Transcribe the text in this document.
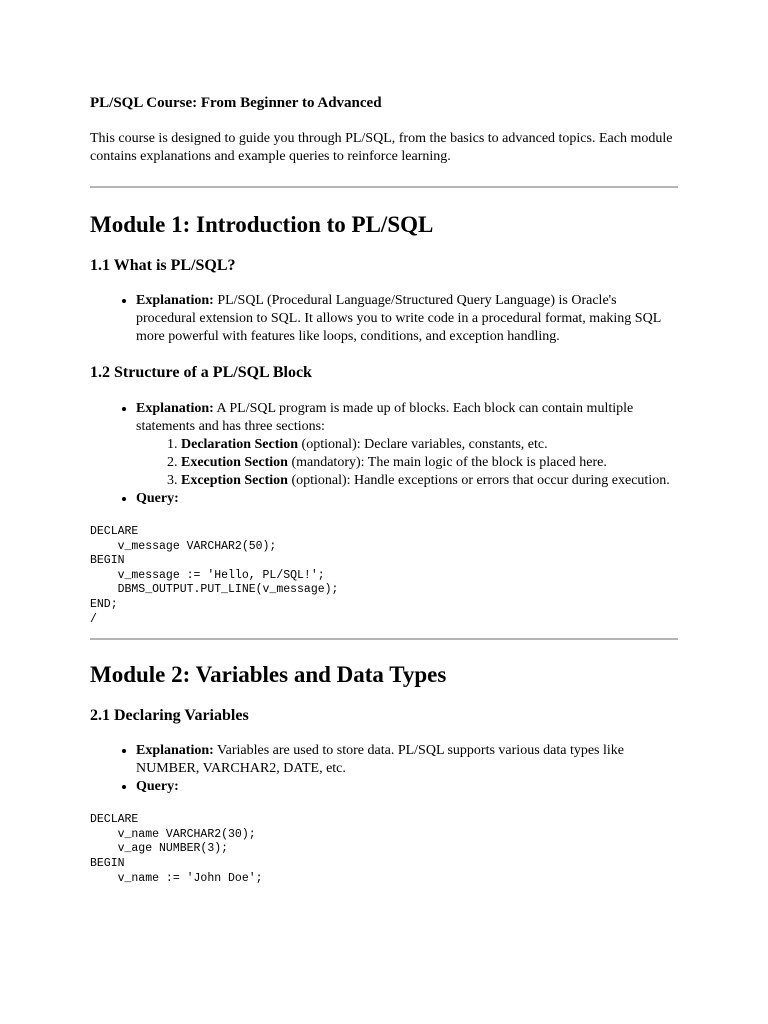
PL/SQL Course: From Beginner to Advanced

This course is designed to guide you through PL/SQL, from the basics to advanced topics. Each module contains explanations and example queries to reinforce learning.

Module 1: Introduction to PL/SQL
1.1 What is PL/SQL?
• Explanation: PL/SQL (Procedural Language/Structured Query Language) is Oracle's procedural extension to SQL. It allows you to write code in a procedural format, making SQL more powerful with features like loops, conditions, and exception handling.
1.2 Structure of a PL/SQL Block
• Explanation: A PL/SQL program is made up of blocks. Each block can contain multiple statements and has three sections:
1. Declaration Section (optional): Declare variables, constants, etc.
2. Execution Section (mandatory): The main logic of the block is placed here.
3. Exception Section (optional): Handle exceptions or errors that occur during execution.
• Query:
DECLARE
v_message VARCHAR2(50);
BEGIN
v_message := 'Hello, PL/SQL!';
DBMS_OUTPUT.PUT_LINE(v_message);
END;
/
Module 2: Variables and Data Types
2.1 Declaring Variables
• Explanation: Variables are used to store data. PL/SQL supports various data types like NUMBER, VARCHAR2, DATE, etc.
• Query:
DECLARE
v_name VARCHAR2(30);
v_age NUMBER(3);
BEGIN
v_name := 'John Doe';
